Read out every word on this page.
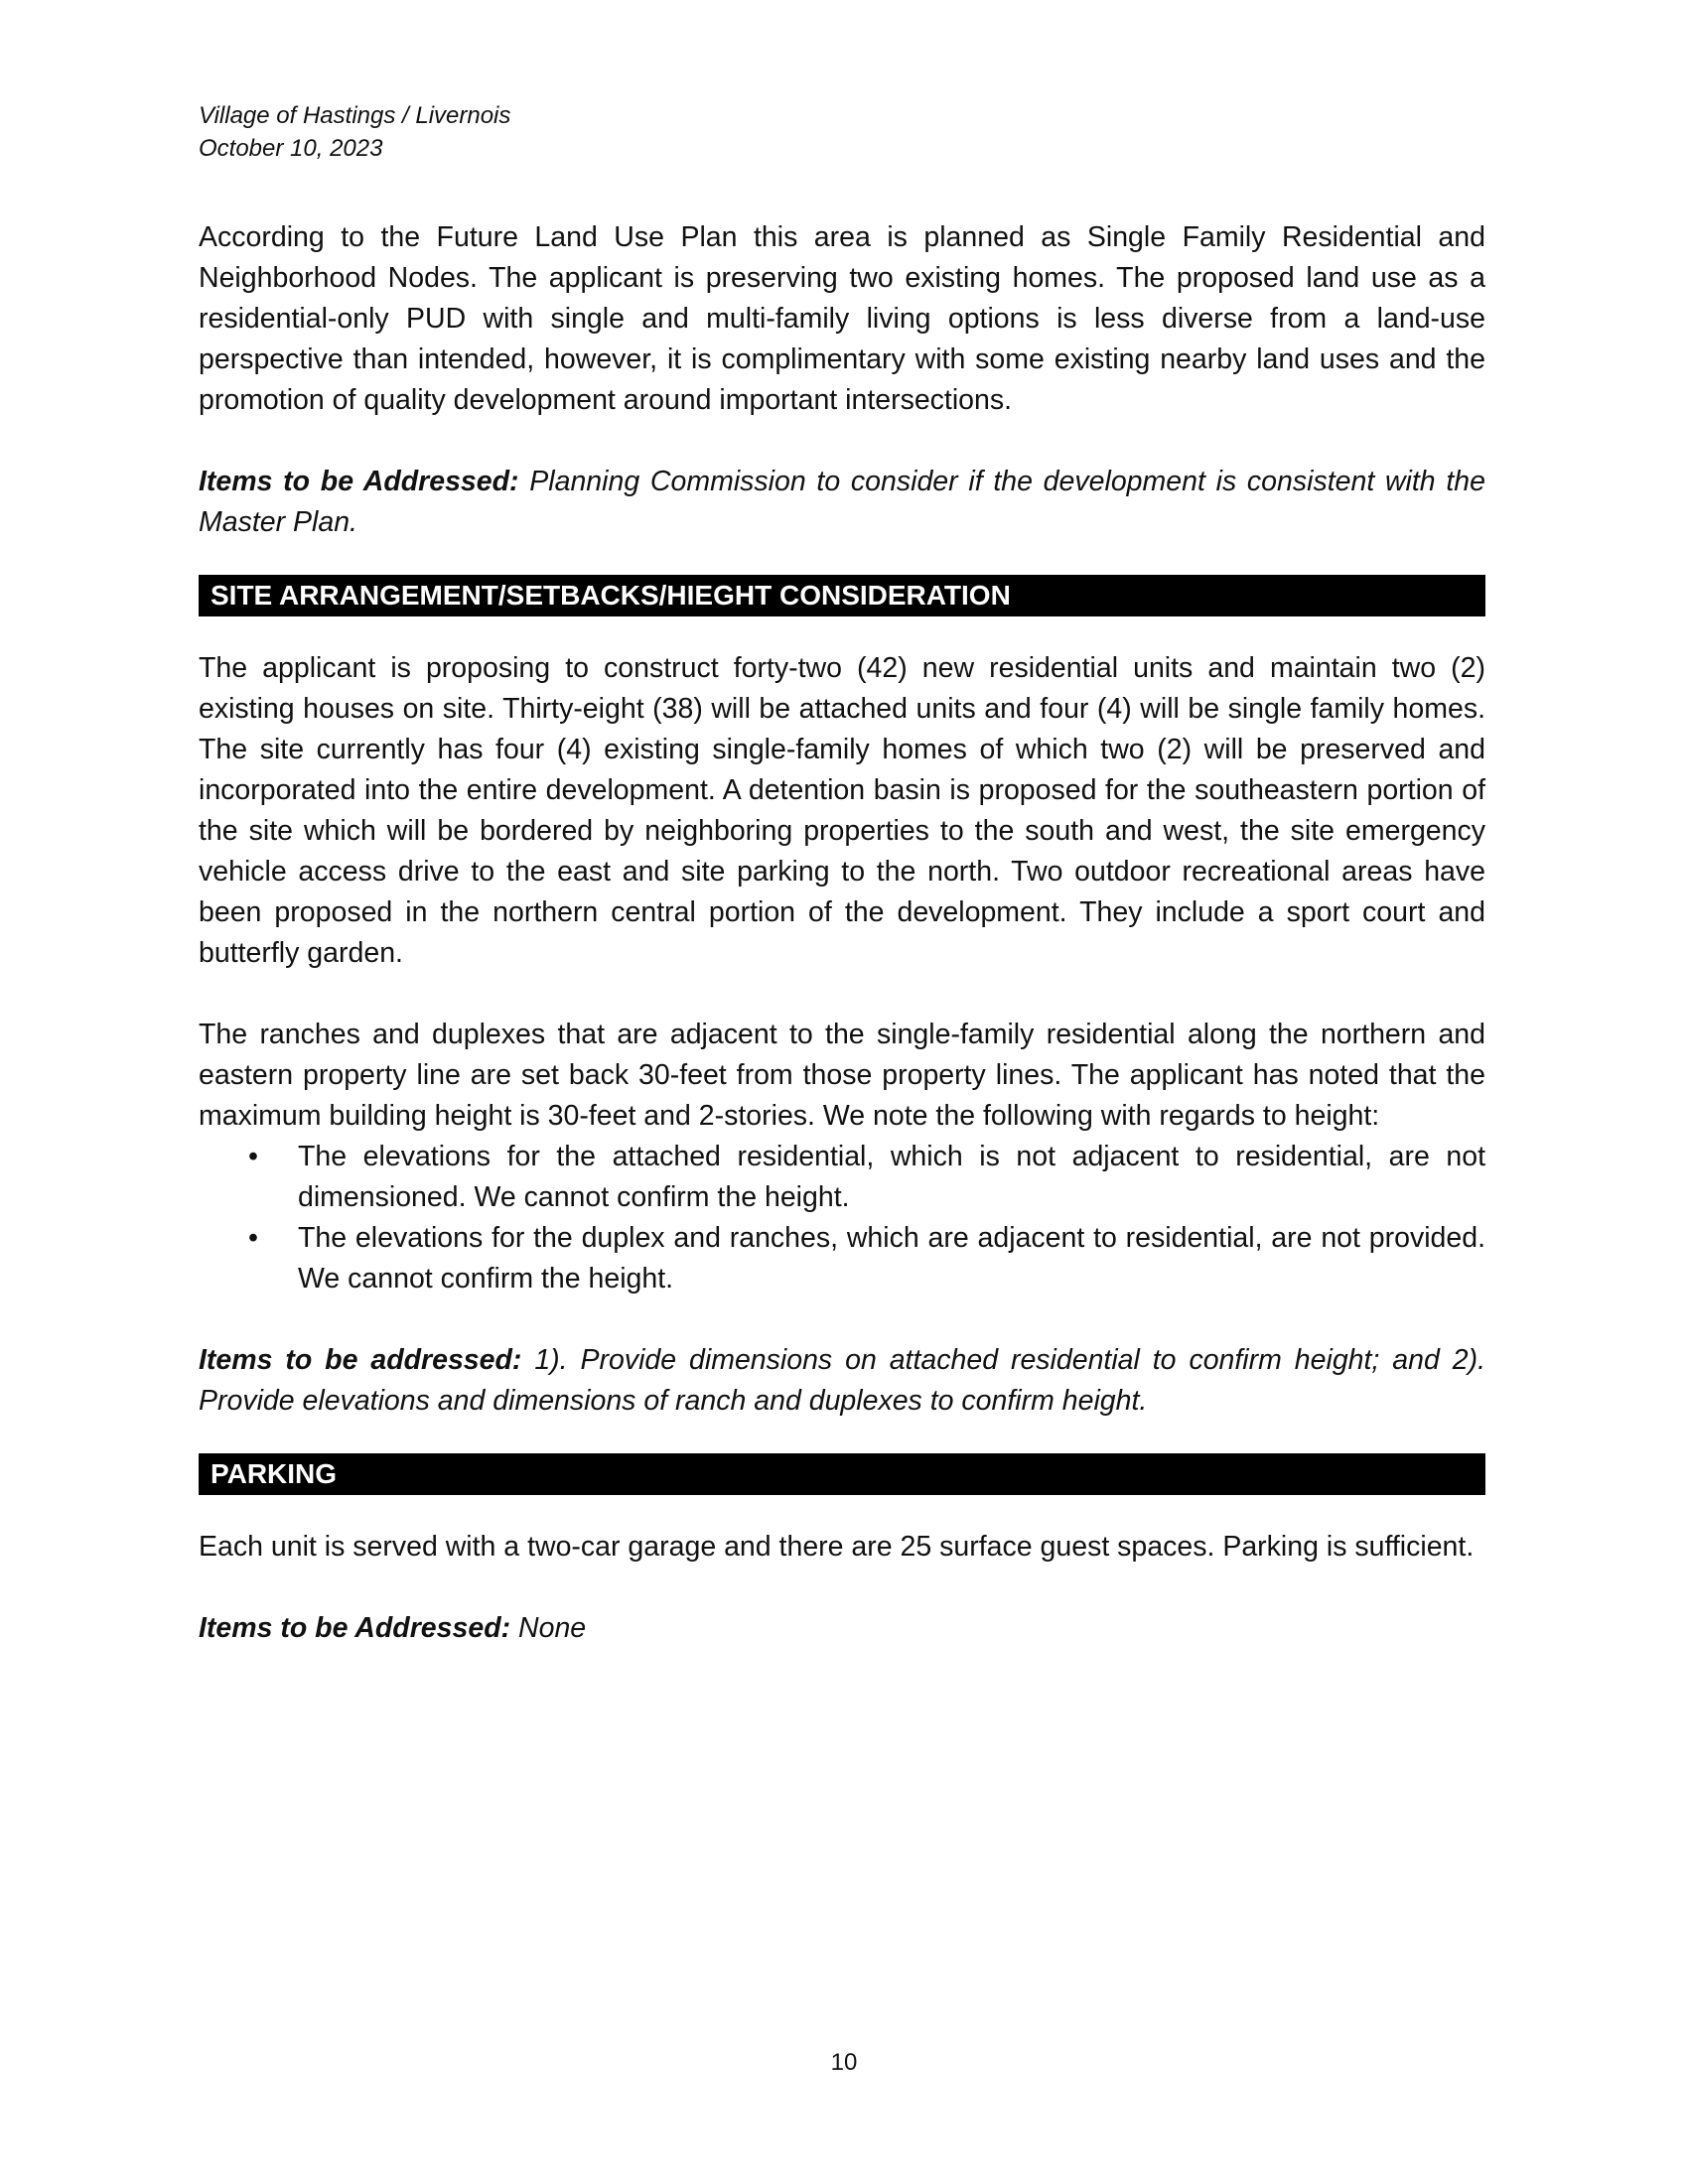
Village of Hastings / Livernois
October 10, 2023

According to the Future Land Use Plan this area is planned as Single Family Residential and Neighborhood Nodes. The applicant is preserving two existing homes. The proposed land use as a residential-only PUD with single and multi-family living options is less diverse from a land-use perspective than intended, however, it is complimentary with some existing nearby land uses and the promotion of quality development around important intersections.

Items to be Addressed: Planning Commission to consider if the development is consistent with the Master Plan.

SITE ARRANGEMENT/SETBACKS/HIEGHT CONSIDERATION

The applicant is proposing to construct forty-two (42) new residential units and maintain two (2) existing houses on site. Thirty-eight (38) will be attached units and four (4) will be single family homes. The site currently has four (4) existing single-family homes of which two (2) will be preserved and incorporated into the entire development. A detention basin is proposed for the southeastern portion of the site which will be bordered by neighboring properties to the south and west, the site emergency vehicle access drive to the east and site parking to the north. Two outdoor recreational areas have been proposed in the northern central portion of the development. They include a sport court and butterfly garden.

The ranches and duplexes that are adjacent to the single-family residential along the northern and eastern property line are set back 30-feet from those property lines. The applicant has noted that the maximum building height is 30-feet and 2-stories. We note the following with regards to height:

•	The elevations for the attached residential, which is not adjacent to residential, are not dimensioned. We cannot confirm the height.
•	The elevations for the duplex and ranches, which are adjacent to residential, are not provided. We cannot confirm the height.

Items to be addressed: 1). Provide dimensions on attached residential to confirm height; and 2). Provide elevations and dimensions of ranch and duplexes to confirm height.

PARKING

Each unit is served with a two-car garage and there are 25 surface guest spaces. Parking is sufficient.

Items to be Addressed: None

10
